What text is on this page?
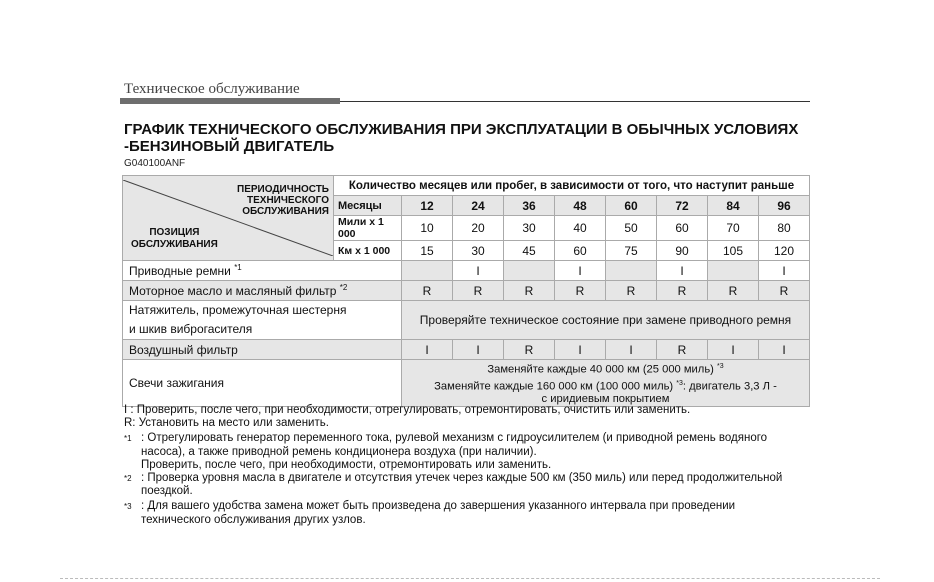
Техническое обслуживание
ГРАФИК ТЕХНИЧЕСКОГО ОБСЛУЖИВАНИЯ ПРИ ЭКСПЛУАТАЦИИ В ОБЫЧНЫХ УСЛОВИЯХ
-БЕНЗИНОВЫЙ ДВИГАТЕЛЬ
G040100ANF
ПЕРИОДИЧНОСТЬ
ТЕХНИЧЕСКОГО
ОБСЛУЖИВАНИЯ
ПОЗИЦИЯ
ОБСЛУЖИВАНИЯ	Количество месяцев или пробег, в зависимости от того, что наступит раньше								
	Месяцы	12	24	36	48	60	72	84	96
	Мили x 1 000	10	20	30	40	50	60	70	80
	Км x 1 000	15	30	45	60	75	90	105	120
Приводные ремни $^{*1}$			I		I		I		I
Моторное масло и масляный фильтр $^{*2}$		R	R	R	R	R	R	R	R

Натяжитель, промежуточная шестерня
и шкив виброгасителя		Проверяйте техническое состояние при замене приводного ремня							
Воздушный фильтр		I	I	R	I	I	R	I	I
Свечи зажигания		Заменяйте каждые 40 000 км (25 000 миль) $^{*3}$
Заменяйте каждые 160 000 км (100 000 миль) $^{*3}$: двигатель 3,3 Л -
с иридиевым покрытием							
I : Проверить, после чего, при необходимости, отрегулировать, отремонтировать, очистить или заменить.
R: Установить на место или заменить.
*1 : Отрегулировать генератор переменного тока, рулевой механизм с гидроусилителем (и приводной ремень водяного
насоса), а также приводной ремень кондиционера воздуха (при наличии).
Проверить, после чего, при необходимости, отремонтировать или заменить.
*2 : Проверка уровня масла в двигателе и отсутствия утечек через каждые 500 км (350 миль) или перед продолжительной
поездкой.
*3 : Для вашего удобства замена может быть произведена до завершения указанного интервала при проведении
технического обслуживания других узлов.
